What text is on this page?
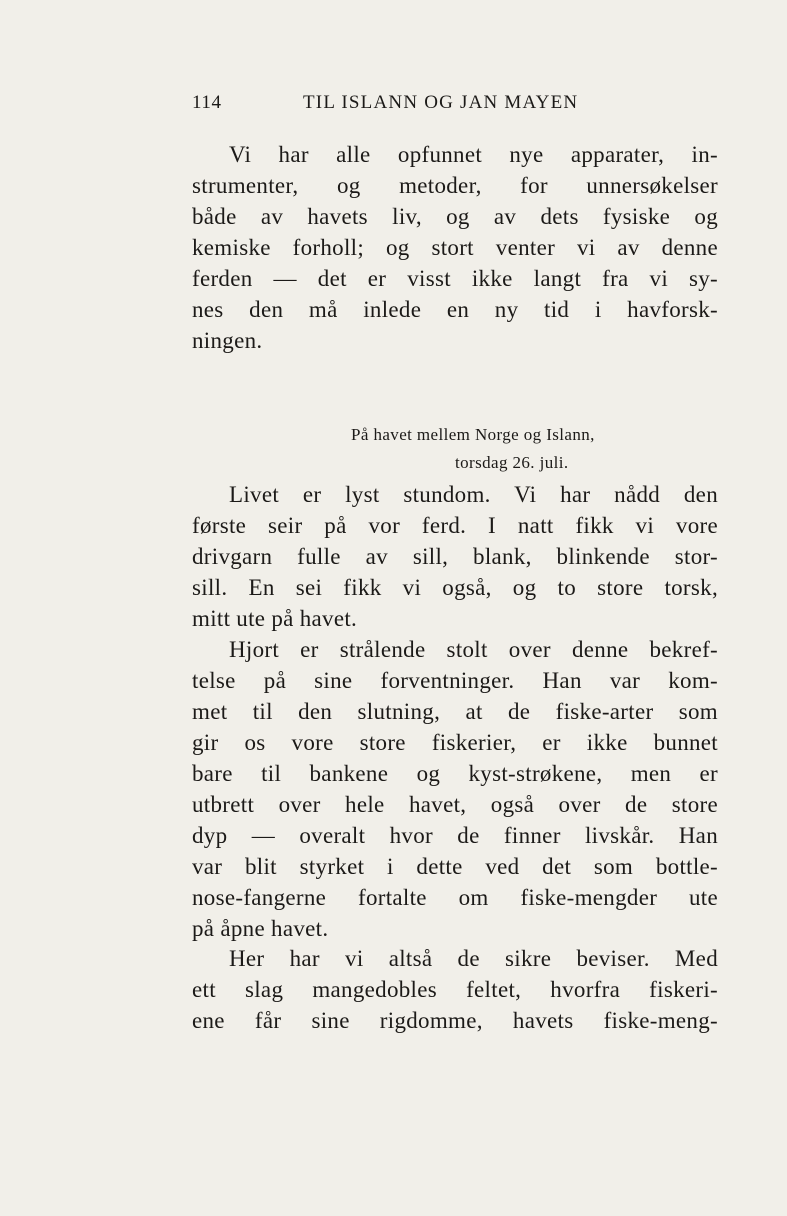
114	TIL ISLANN OG JAN MAYEN
Vi har alle opfunnet nye apparater, in-
strumenter, og metoder, for unnersøkelser
både av havets liv, og av dets fysiske og
kemiske forholl; og stort venter vi av denne
ferden — det er visst ikke langt fra vi sy-
nes den må inlede en ny tid i havforsk-
ningen.
På havet mellem Norge og Islann,
torsdag 26. juli.
Livet er lyst stundom. Vi har nådd den
første seir på vor ferd. I natt fikk vi vore
drivgarn fulle av sill, blank, blinkende stor-
sill. En sei fikk vi også, og to store torsk,
mitt ute på havet.
Hjort er strålende stolt over denne bekref-
telse på sine forventninger. Han var kom-
met til den slutning, at de fiske-arter som
gir os vore store fiskerier, er ikke bunnet
bare til bankene og kyst-strøkene, men er
utbrett over hele havet, også over de store
dyp — overalt hvor de finner livskår. Han
var blit styrket i dette ved det som bottle-
nose-fangerne fortalte om fiske-mengder ute
på åpne havet.
Her har vi altså de sikre beviser. Med
ett slag mangedobles feltet, hvorfra fiskeri-
ene får sine rigdomme, havets fiske-meng-
